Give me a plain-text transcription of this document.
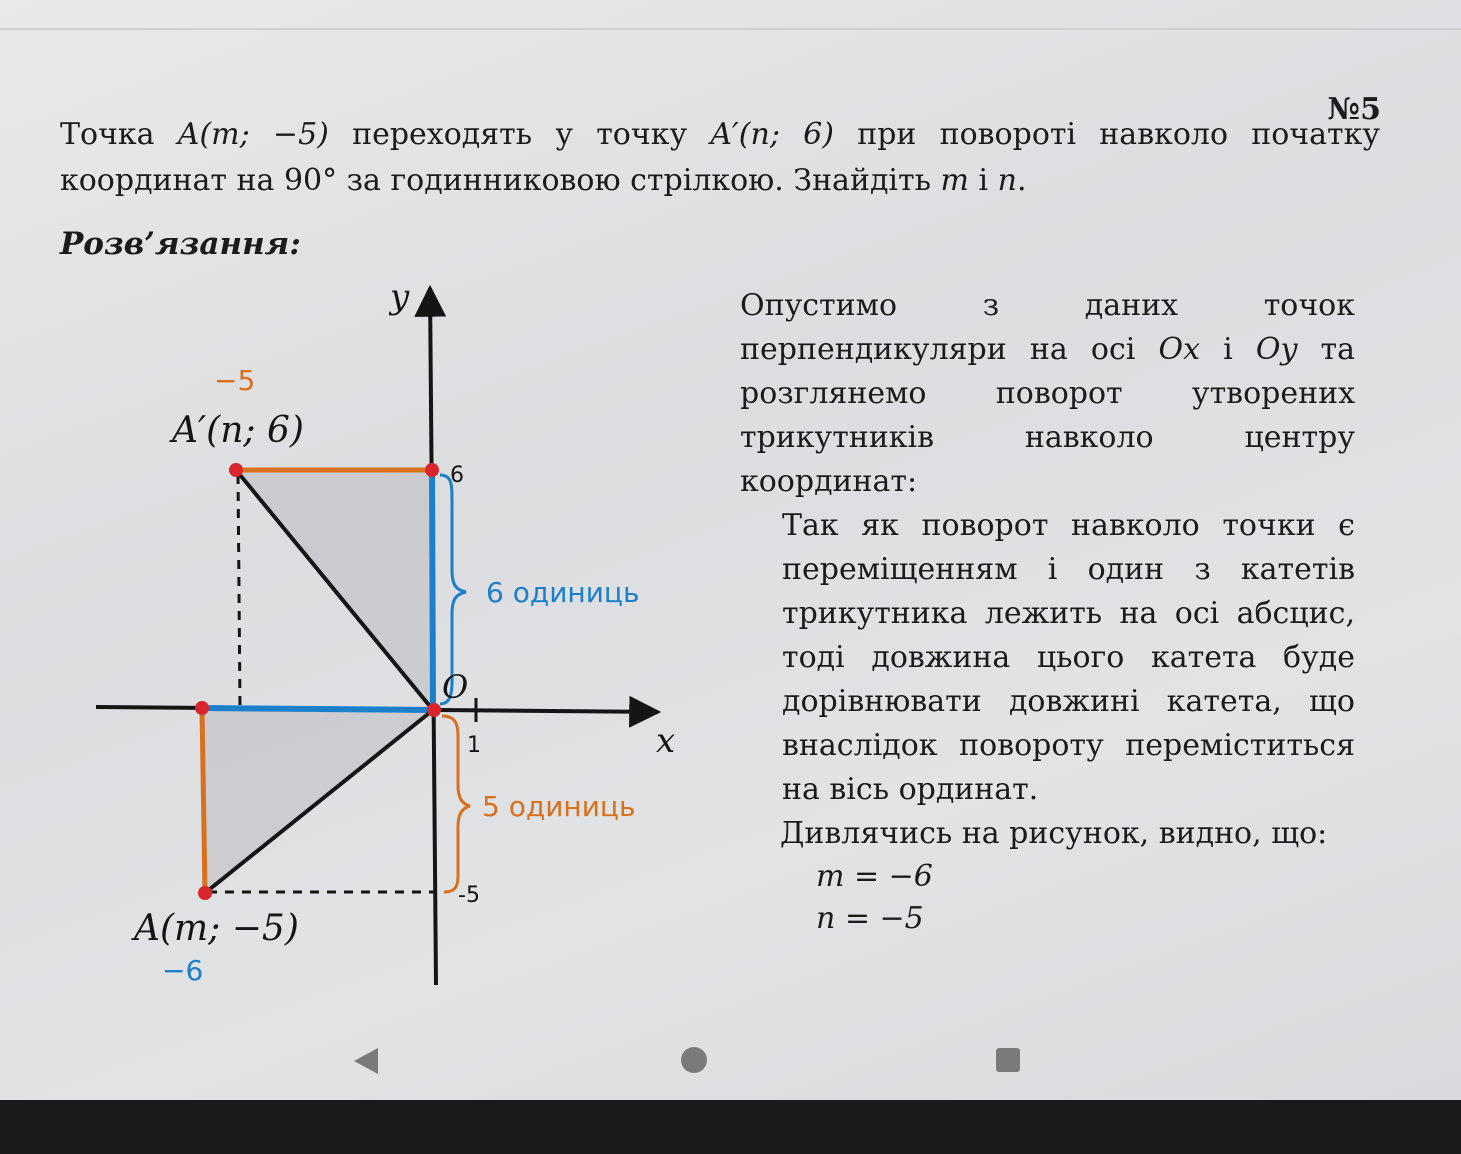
№5
Точка A(m; −5) переходять у точку A′(n; 6) при повороті навколо початку координат на 90° за годинниковою стрілкою. Знайдіть m і n.
Розв’язання:
y
x
O
1
6
-5
−5
A′(n; 6)
A(m; −5)
−6
6 одиниць
5 одиниць

Опустимо з даних точок перпендикуляри на осі Ox і Oy та розглянемо поворот утворених трикутників навколо центру координат:

Так як поворот навколо точки є переміщенням і один з катетів трикутника лежить на осі абсцис, тоді довжина цього катета буде дорівнювати довжині катета, що внаслідок повороту переміститься на вісь ординат.

Дивлячись на рисунок, видно, що:

m = −6

n = −5
